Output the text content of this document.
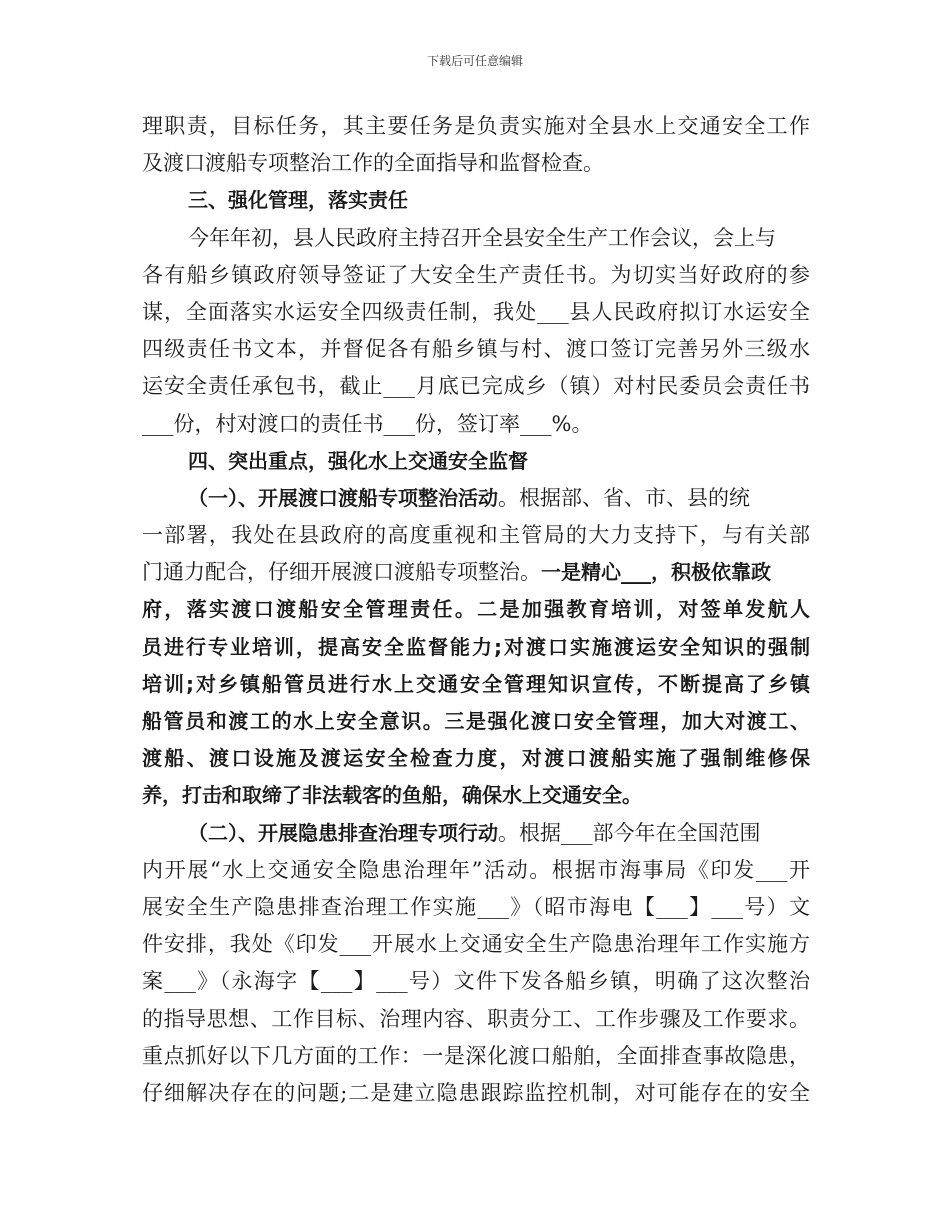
下载后可任意编辑
理职责，目标任务，其主要任务是负责实施对全县水上交通安全工作
及渡口渡船专项整治工作的全面指导和监督检查。
三、强化管理，落实责任
今年年初，县人民政府主持召开全县安全生产工作会议，会上与
各有船乡镇政府领导签证了大安全生产责任书。为切实当好政府的参
谋，全面落实水运安全四级责任制，我处___县人民政府拟订水运安全
四级责任书文本，并督促各有船乡镇与村、渡口签订完善另外三级水
运安全责任承包书，截止___月底已完成乡（镇）对村民委员会责任书
___份，村对渡口的责任书___份，签订率___%。
四、突出重点，强化水上交通安全监督
（一）、开展渡口渡船专项整治活动。根据部、省、市、县的统
一部署，我处在县政府的高度重视和主管局的大力支持下，与有关部
门通力配合，仔细开展渡口渡船专项整治。一是精心___，积极依靠政
府，落实渡口渡船安全管理责任。二是加强教育培训，对签单发航人
员进行专业培训，提高安全监督能力;对渡口实施渡运安全知识的强制
培训;对乡镇船管员进行水上交通安全管理知识宣传，不断提高了乡镇
船管员和渡工的水上安全意识。三是强化渡口安全管理，加大对渡工、
渡船、渡口设施及渡运安全检查力度，对渡口渡船实施了强制维修保
养，打击和取缔了非法载客的鱼船，确保水上交通安全。
（二）、开展隐患排查治理专项行动。根据___部今年在全国范围
内开展“水上交通安全隐患治理年”活动。根据市海事局《印发___开
展安全生产隐患排查治理工作实施___》（昭市海电【___】___号）文
件安排，我处《印发___开展水上交通安全生产隐患治理年工作实施方
案___》（永海字【___】___号）文件下发各船乡镇，明确了这次整治
的指导思想、工作目标、治理内容、职责分工、工作步骤及工作要求。
重点抓好以下几方面的工作：一是深化渡口船舶，全面排查事故隐患，
仔细解决存在的问题;二是建立隐患跟踪监控机制，对可能存在的安全
